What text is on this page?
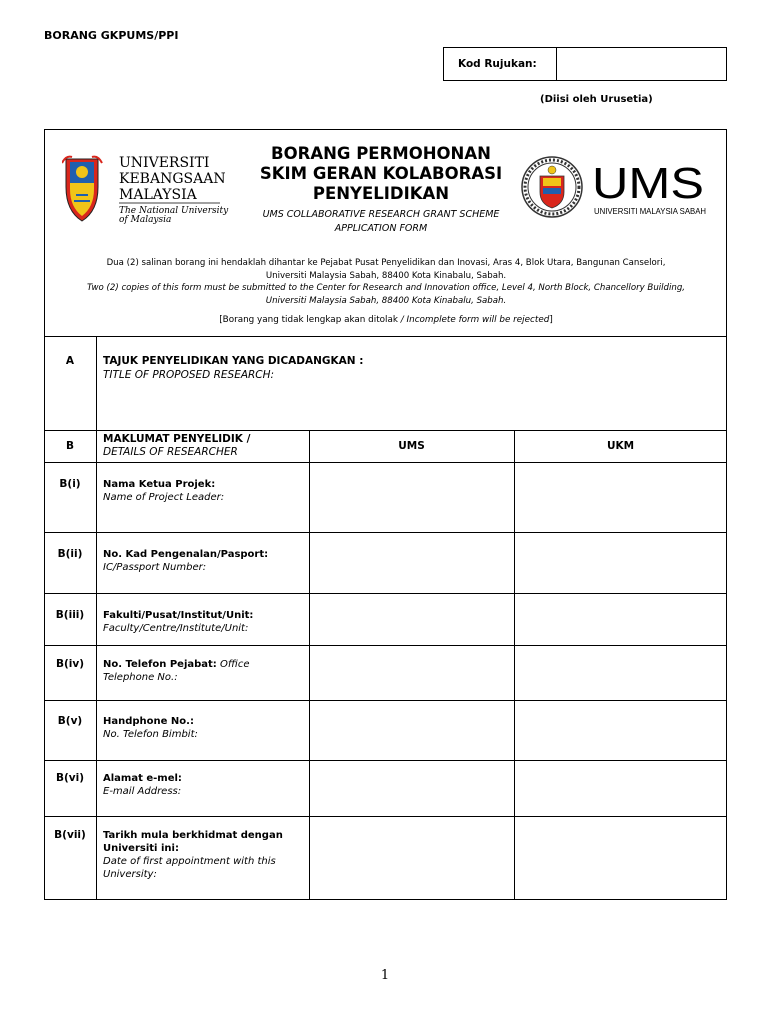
BORANG GKPUMS/PPI
Kod Rujukan:
(Diisi oleh Urusetia)
UNIVERSITI
KEBANGSAAN
MALAYSIA
The National University
of Malaysia
BORANG PERMOHONAN
SKIM GERAN KOLABORASI
PENYELIDIKAN
UMS COLLABORATIVE RESEARCH GRANT SCHEME
APPLICATION FORM
UMS
UNIVERSITI MALAYSIA SABAH
Dua (2) salinan borang ini hendaklah dihantar ke Pejabat Pusat Penyelidikan dan Inovasi, Aras 4, Blok Utara, Bangunan Canselori,
Universiti Malaysia Sabah, 88400 Kota Kinabalu, Sabah.
Two (2) copies of this form must be submitted to the Center for Research and Innovation office, Level 4, North Block, Chancellory Building,
Universiti Malaysia Sabah, 88400 Kota Kinabalu, Sabah.
[Borang yang tidak lengkap akan ditolak / Incomplete form will be rejected]
A	TAJUK PENYELIDIKAN YANG DICADANGKAN :
TITLE OF PROPOSED RESEARCH:
B
MAKLUMAT PENYELIDIK /
DETAILS OF RESEARCHER	UMS	UKM
B(i)	Nama Ketua Projek:
Name of Project Leader:
B(ii)	No. Kad Pengenalan/Pasport:
IC/Passport Number:
B(iii)	Fakulti/Pusat/Institut/Unit:
Faculty/Centre/Institute/Unit:
B(iv)	No. Telefon Pejabat: Office
Telephone No.:
B(v)	Handphone No.:
No. Telefon Bimbit:
B(vi)	Alamat e-mel:
E-mail Address:
B(vii)	Tarikh mula berkhidmat dengan
Universiti ini:
Date of first appointment with this
University:
1
